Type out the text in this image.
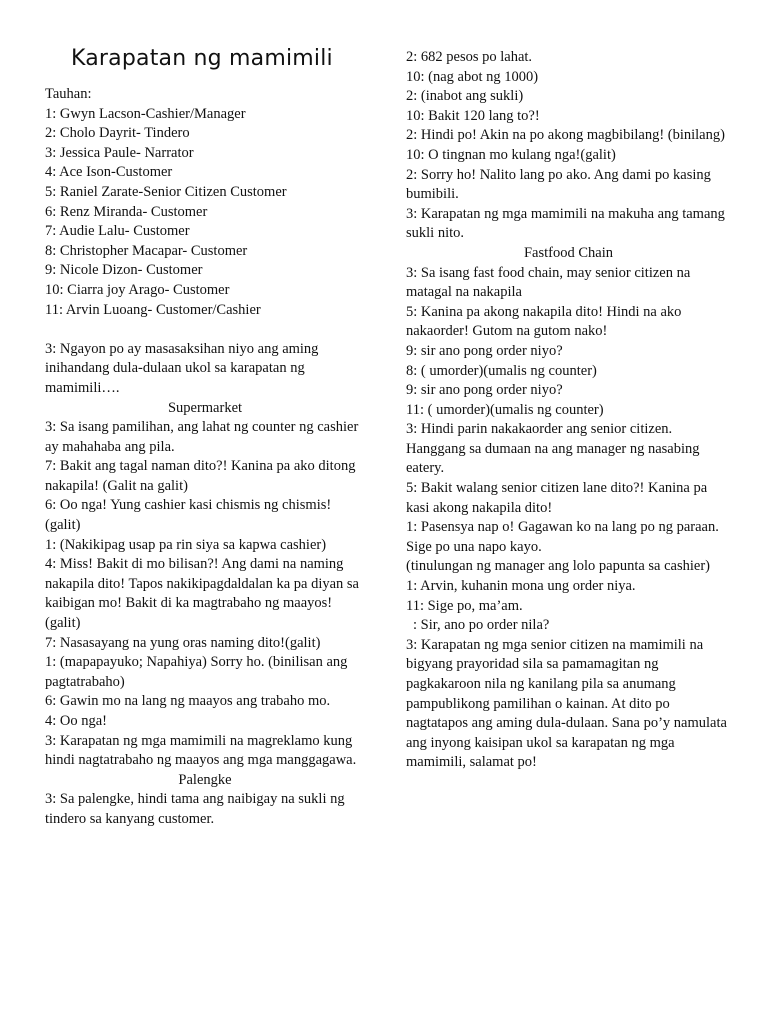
Karapatan ng mamimili
Tauhan:
1: Gwyn Lacson-Cashier/Manager
2: Cholo Dayrit- Tindero
3: Jessica Paule- Narrator
4: Ace Ison-Customer
5: Raniel Zarate-Senior Citizen Customer
6: Renz Miranda- Customer
7: Audie Lalu- Customer
8: Christopher Macapar- Customer
9: Nicole Dizon- Customer
10: Ciarra joy Arago- Customer
11: Arvin Luoang- Customer/Cashier
3: Ngayon po ay masasaksihan niyo ang aming inihandang dula-dulaan ukol sa karapatan ng mamimili….
Supermarket
3: Sa isang pamilihan, ang lahat ng counter ng cashier ay mahahaba ang pila.
7: Bakit ang tagal naman dito?! Kanina pa ako ditong nakapila! (Galit na galit)
6: Oo nga! Yung cashier kasi chismis ng chismis! (galit)
1: (Nakikipag usap pa rin siya sa kapwa cashier)
4: Miss! Bakit di mo bilisan?! Ang dami na naming nakapila dito! Tapos nakikipagdaldalan ka pa diyan sa kaibigan mo! Bakit di ka magtrabaho ng maayos! (galit)
7: Nasasayang na yung oras naming dito!(galit)
1: (mapapayuko; Napahiya) Sorry ho. (binilisan ang pagtatrabaho)
6: Gawin mo na lang ng maayos ang trabaho mo.
4: Oo nga!
3: Karapatan ng mga mamimili na magreklamo kung hindi nagtatrabaho ng maayos ang mga manggagawa.
Palengke
3: Sa palengke, hindi tama ang naibigay na sukli ng tindero sa kanyang customer.
2: 682 pesos po lahat.
10: (nag abot ng 1000)
2: (inabot ang sukli)
10: Bakit 120 lang to?!
2: Hindi po! Akin na po akong magbibilang! (binilang)
10: O tingnan mo kulang nga!(galit)
2: Sorry ho! Nalito lang po ako. Ang dami po kasing bumibili.
3: Karapatan ng mga mamimili na makuha ang tamang sukli nito.
Fastfood Chain
3: Sa isang fast food chain, may senior citizen na matagal na nakapila
5: Kanina pa akong nakapila dito! Hindi na ako nakaorder! Gutom na gutom nako!
9: sir ano pong order niyo?
8: ( umorder)(umalis ng counter)
9: sir ano pong order niyo?
11: ( umorder)(umalis ng counter)
3: Hindi parin nakakaorder ang senior citizen. Hanggang sa dumaan na ang manager ng nasabing eatery.
5: Bakit walang senior citizen lane dito?! Kanina pa kasi akong nakapila dito!
1: Pasensya nap o! Gagawan ko na lang po ng paraan. Sige po una napo kayo.
(tinulungan ng manager ang lolo papunta sa cashier)
1: Arvin, kuhanin mona ung order niya.
11: Sige po, ma’am.
: Sir, ano po order nila?
3: Karapatan ng mga senior citizen na mamimili na bigyang prayoridad sila sa pamamagitan ng pagkakaroon nila ng kanilang pila sa anumang pampublikong pamilihan o kainan. At dito po nagtatapos ang aming dula-dulaan. Sana po’y namulata ang inyong kaisipan ukol sa karapatan ng mga mamimili, salamat po!
